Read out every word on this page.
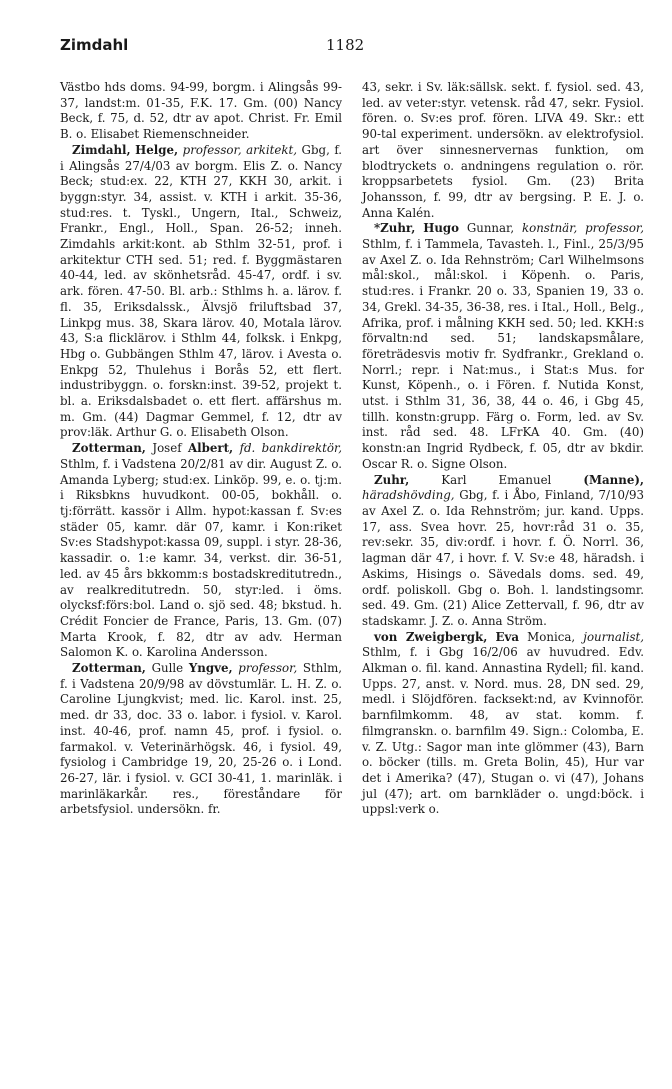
Zimdahl	1182

Västbo hds doms. 94-99, borgm. i Alingsås 99-37, landst:m. 01-35, F.K. 17. Gm. (00) Nancy Beck, f. 75, d. 52, dtr av apot. Christ. Fr. Emil B. o. Elisabet Riemenschneider.

Zimdahl, Helge, professor, arkitekt, Gbg, f. i Alingsås 27/4/03 av borgm. Elis Z. o. Nancy Beck; stud:ex. 22, KTH 27, KKH 30, arkit. i byggn:styr. 34, assist. v. KTH i arkit. 35-36, stud:res. t. Tyskl., Ungern, Ital., Schweiz, Frankr., Engl., Holl., Span. 26-52; inneh. Zimdahls arkit:kont. ab Sthlm 32-51, prof. i arkitektur CTH sed. 51; red. f. Byggmästaren 40-44, led. av skönhetsråd. 45-47, ordf. i sv. ark. fören. 47-50. Bl. arb.: Sthlms h. a. lärov. f. fl. 35, Eriksdalssk., Älvsjö friluftsbad 37, Linkpg mus. 38, Skara lärov. 40, Motala lärov. 43, S:a flicklärov. i Sthlm 44, folksk. i Enkpg, Hbg o. Gubbängen Sthlm 47, lärov. i Avesta o. Enkpg 52, Thulehus i Borås 52, ett flert. industribyggn. o. forskn:inst. 39-52, projekt t. bl. a. Eriksdalsbadet o. ett flert. affärshus m. m. Gm. (44) Dagmar Gemmel, f. 12, dtr av prov:läk. Arthur G. o. Elisabeth Olson.

Zotterman, Josef Albert, fd. bankdirektör, Sthlm, f. i Vadstena 20/2/81 av dir. August Z. o. Amanda Lyberg; stud:ex. Linköp. 99, e. o. tj:m. i Riksbkns huvudkont. 00-05, bokhåll. o. tj:förrätt. kassör i Allm. hypot:kassan f. Sv:es städer 05, kamr. där 07, kamr. i Kon:riket Sv:es Stadshypot:kassa 09, suppl. i styr. 28-36, kassadir. o. 1:e kamr. 34, verkst. dir. 36-51, led. av 45 års bkkomm:s bostadskreditutredn., av realkreditutredn. 50, styr:led. i öms. olycksf:förs:bol. Land o. sjö sed. 48; bkstud. h. Crédit Foncier de France, Paris, 13. Gm. (07) Marta Krook, f. 82, dtr av adv. Herman Salomon K. o. Karolina Andersson.

Zotterman, Gulle Yngve, professor, Sthlm, f. i Vadstena 20/9/98 av dövstumlär. L. H. Z. o. Caroline Ljungkvist; med. lic. Karol. inst. 25, med. dr 33, doc. 33 o. labor. i fysiol. v. Karol. inst. 40-46, prof. namn 45, prof. i fysiol. o. farmakol. v. Veterinärhögsk. 46, i fysiol. 49, fysiolog i Cambridge 19, 20, 25-26 o. i Lond. 26-27, lär. i fysiol. v. GCI 30-41, 1. marinläk. i marinläkarkår. res., föreståndare för arbetsfysiol. undersökn. fr.

43, sekr. i Sv. läk:sällsk. sekt. f. fysiol. sed. 43, led. av veter:styr. vetensk. råd 47, sekr. Fysiol. fören. o. Sv:es prof. fören. LIVA 49. Skr.: ett 90-tal experiment. undersökn. av elektrofysiol. art över sinnesnervernas funktion, om blodtryckets o. andningens regulation o. rör. kroppsarbetets fysiol. Gm. (23) Brita Johansson, f. 99, dtr av bergsing. P. E. J. o. Anna Kalén.

*Zuhr, Hugo Gunnar, konstnär, professor, Sthlm, f. i Tammela, Tavasteh. l., Finl., 25/3/95 av Axel Z. o. Ida Rehnström; Carl Wilhelmsons mål:skol., mål:skol. i Köpenh. o. Paris, stud:res. i Frankr. 20 o. 33, Spanien 19, 33 o. 34, Grekl. 34-35, 36-38, res. i Ital., Holl., Belg., Afrika, prof. i målning KKH sed. 50; led. KKH:s förvaltn:nd sed. 51; landskapsmålare, företrädesvis motiv fr. Sydfrankr., Grekland o. Norrl.; repr. i Nat:mus., i Stat:s Mus. for Kunst, Köpenh., o. i Fören. f. Nutida Konst, utst. i Sthlm 31, 36, 38, 44 o. 46, i Gbg 45, tillh. konstn:grupp. Färg o. Form, led. av Sv. inst. råd sed. 48. LFrKA 40. Gm. (40) konstn:an Ingrid Rydbeck, f. 05, dtr av bkdir. Oscar R. o. Signe Olson.

Zuhr,	Karl Emanuel	(Manne), häradshövding, Gbg, f. i Åbo, Finland, 7/10/93 av Axel Z. o. Ida Rehnström; jur. kand. Upps. 17, ass. Svea hovr. 25, hovr:råd 31 o. 35, rev:sekr. 35, div:ordf. i hovr. f. Ö. Norrl. 36, lagman där 47, i hovr. f. V. Sv:e 48, häradsh. i Askims, Hisings o. Sävedals doms. sed. 49, ordf. poliskoll. Gbg o. Boh. l. landstingsomr. sed. 49. Gm. (21) Alice Zettervall, f. 96, dtr av stadskamr. J. Z. o. Anna Ström.

von Zweigbergk, Eva Monica, journalist, Sthlm, f. i Gbg 16/2/06 av huvudred. Edv. Alkman o. fil. kand. Annastina Rydell; fil. kand. Upps. 27, anst. v. Nord. mus. 28, DN sed. 29, medl. i Slöjdfören. facksekt:nd, av Kvinnoför. barnfilmkomm. 48, av stat. komm. f. filmgranskn. o. barnfilm 49. Sign.: Colomba, E. v. Z. Utg.: Sagor man inte glömmer (43), Barn o. böcker (tills. m. Greta Bolin, 45), Hur var det i Amerika? (47), Stugan o. vi (47), Johans jul (47); art. om barnkläder o. ungd:böck. i uppsl:verk o.
